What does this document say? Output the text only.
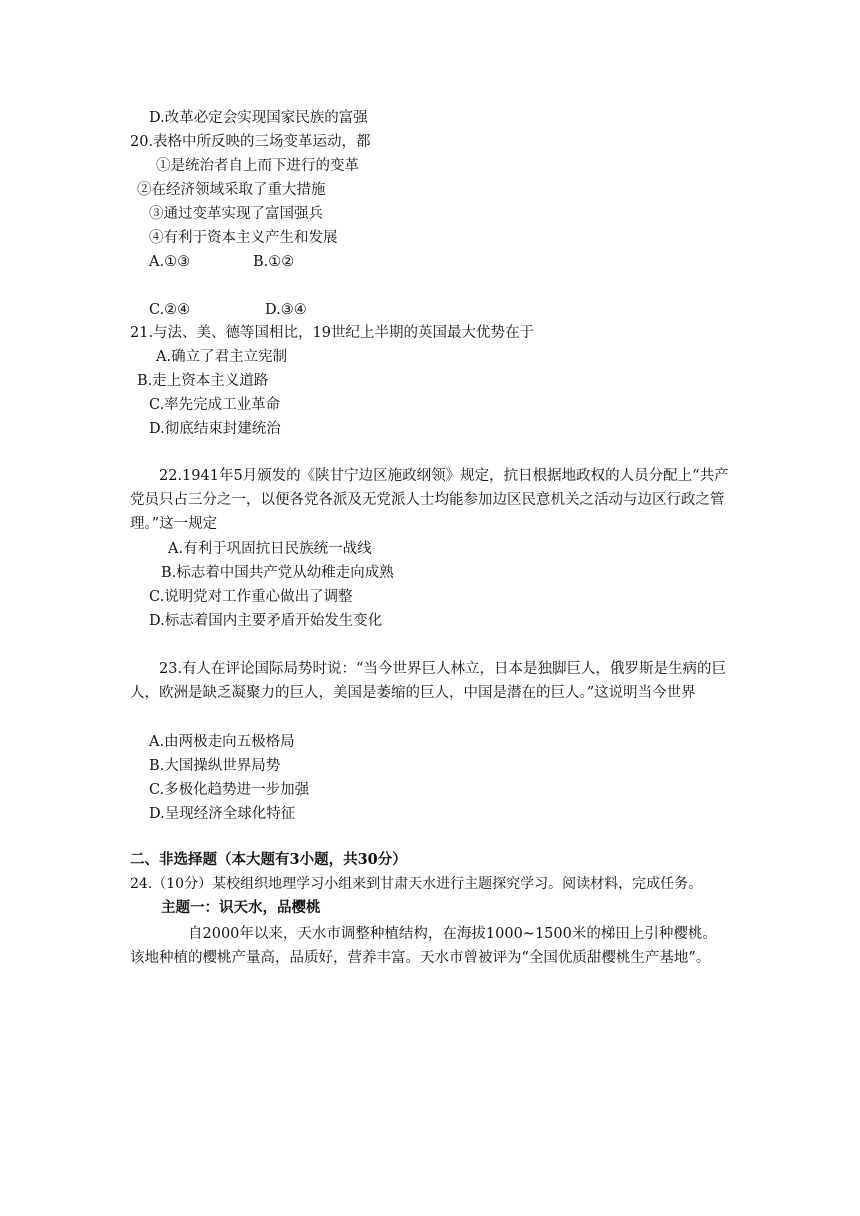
D.改革必定会实现国家民族的富强
20.表格中所反映的三场变革运动，都
①是统治者自上而下进行的变革
②在经济领域采取了重大措施
③通过变革实现了富国强兵
④有利于资本主义产生和发展
A.①③	B.①②
C.②④	D.③④
21.与法、美、德等国相比，19世纪上半期的英国最大优势在于
A.确立了君主立宪制
B.走上资本主义道路
C.率先完成工业革命
D.彻底结束封建统治
22.1941年5月颁发的《陕甘宁边区施政纲领》规定，抗日根据地政权的人员分配上“共产党员只占三分之一，以便各党各派及无党派人士均能参加边区民意机关之活动与边区行政之管理。”这一规定
A.有利于巩固抗日民族统一战线
B.标志着中国共产党从幼稚走向成熟
C.说明党对工作重心做出了调整
D.标志着国内主要矛盾开始发生变化
23.有人在评论国际局势时说：“当今世界巨人林立，日本是独脚巨人，俄罗斯是生病的巨人，欧洲是缺乏凝聚力的巨人，美国是萎缩的巨人，中国是潜在的巨人。”这说明当今世界
A.由两极走向五极格局
B.大国操纵世界局势
C.多极化趋势进一步加强
D.呈现经济全球化特征
二、非选择题（本大题有3小题，共30分）
24.（10分）某校组织地理学习小组来到甘肃天水进行主题探究学习。阅读材料，完成任务。
主题一：识天水，品樱桃
自2000年以来，天水市调整种植结构，在海拔1000~1500米的梯田上引种樱桃。该地种植的樱桃产量高，品质好，营养丰富。天水市曾被评为“全国优质甜樱桃生产基地”。
